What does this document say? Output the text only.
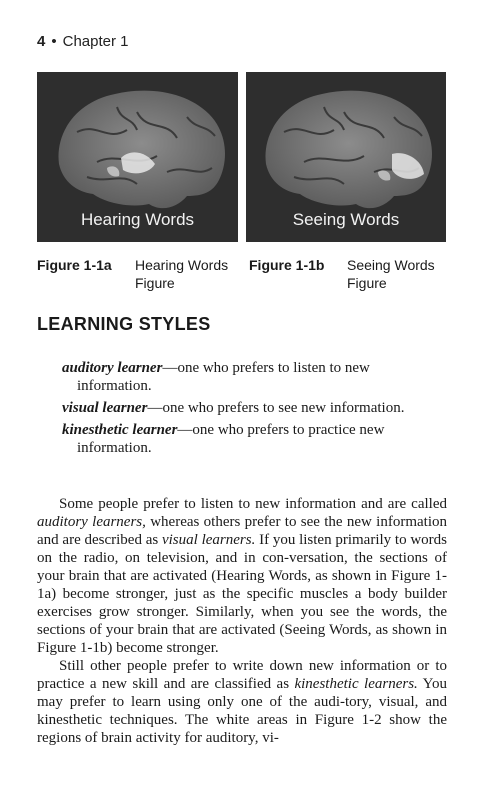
4 • Chapter 1
Hearing Words	Seeing Words
Figure 1-1a Hearing Words Figure
Figure 1-1b Seeing Words Figure
LEARNING STYLES
auditory learner—one who prefers to listen to new information.
visual learner—one who prefers to see new information.
kinesthetic learner—one who prefers to practice new information.

Some people prefer to listen to new information and are called auditory learners, whereas others prefer to see the new information and are described as visual learners. If you listen primarily to words on the radio, on television, and in con-versation, the sections of your brain that are activated (Hearing Words, as shown in Figure 1-1a) become stronger, just as the specific muscles a body builder exercises grow stronger. Similarly, when you see the words, the sections of your brain that are activated (Seeing Words, as shown in Figure 1-1b) become stronger.

Still other people prefer to write down new information or to practice a new skill and are classified as kinesthetic learners. You may prefer to learn using only one of the audi-tory, visual, and kinesthetic techniques. The white areas in Figure 1-2 show the regions of brain activity for auditory, vi-
